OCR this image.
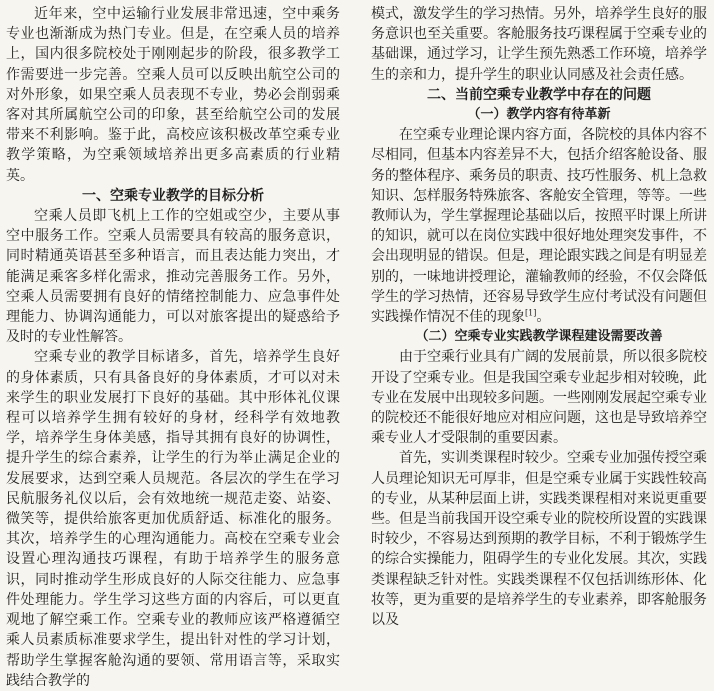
近年来，空中运输行业发展非常迅速，空中乘务专业也渐渐成为热门专业。但是，在空乘人员的培养上，国内很多院校处于刚刚起步的阶段，很多教学工作需要进一步完善。空乘人员可以反映出航空公司的对外形象，如果空乘人员表现不专业，势必会削弱乘客对其所属航空公司的印象，甚至给航空公司的发展带来不利影响。鉴于此，高校应该积极改革空乘专业教学策略，为空乘领域培养出更多高素质的行业精英。

一、空乘专业教学的目标分析

空乘人员即飞机上工作的空姐或空少，主要从事空中服务工作。空乘人员需要具有较高的服务意识，同时精通英语甚至多种语言，而且表达能力突出，才能满足乘客多样化需求，推动完善服务工作。另外，空乘人员需要拥有良好的情绪控制能力、应急事件处理能力、协调沟通能力，可以对旅客提出的疑惑给予及时的专业性解答。

空乘专业的教学目标诸多，首先，培养学生良好的身体素质，只有具备良好的身体素质，才可以对未来学生的职业发展打下良好的基础。其中形体礼仪课程可以培养学生拥有较好的身材，经科学有效地教学，培养学生身体美感，指导其拥有良好的协调性，提升学生的综合素养，让学生的行为举止满足企业的发展要求，达到空乘人员规范。各层次的学生在学习民航服务礼仪以后，会有效地统一规范走姿、站姿、微笑等，提供给旅客更加优质舒适、标准化的服务。其次，培养学生的心理沟通能力。高校在空乘专业会设置心理沟通技巧课程，有助于培养学生的服务意识，同时推动学生形成良好的人际交往能力、应急事件处理能力。学生学习这些方面的内容后，可以更直观地了解空乘工作。空乘专业的教师应该严格遵循空乘人员素质标准要求学生，提出针对性的学习计划，帮助学生掌握客舱沟通的要领、常用语言等，采取实践结合教学的

模式，激发学生的学习热情。另外，培养学生良好的服务意识也至关重要。客舱服务技巧课程属于空乘专业的基础课，通过学习，让学生预先熟悉工作环境，培养学生的亲和力，提升学生的职业认同感及社会责任感。

二、当前空乘专业教学中存在的问题
（一）教学内容有待革新

在空乘专业理论课内容方面，各院校的具体内容不尽相同，但基本内容差异不大，包括介绍客舱设备、服务的整体程序、乘务员的职责、技巧性服务、机上急救知识、怎样服务特殊旅客、客舱安全管理，等等。一些教师认为，学生掌握理论基础以后，按照平时课上所讲的知识，就可以在岗位实践中很好地处理突发事件，不会出现明显的错误。但是，理论跟实践之间是有明显差别的，一味地讲授理论，灌输教师的经验，不仅会降低学生的学习热情，还容易导致学生应付考试没有问题但实践操作情况不佳的现象[1]。

（二）空乘专业实践教学课程建设需要改善

由于空乘行业具有广阔的发展前景，所以很多院校开设了空乘专业。但是我国空乘专业起步相对较晚，此专业在发展中出现较多问题。一些刚刚发展起空乘专业的院校还不能很好地应对相应问题，这也是导致培养空乘专业人才受限制的重要因素。

首先，实训类课程时较少。空乘专业加强传授空乘人员理论知识无可厚非，但是空乘专业属于实践性较高的专业，从某种层面上讲，实践类课程相对来说更重要些。但是当前我国开设空乘专业的院校所设置的实践课时较少，不容易达到预期的教学目标，不利于锻炼学生的综合实操能力，阻碍学生的专业化发展。其次，实践类课程缺乏针对性。实践类课程不仅包括训练形体、化妆等，更为重要的是培养学生的专业素养，即客舱服务以及
